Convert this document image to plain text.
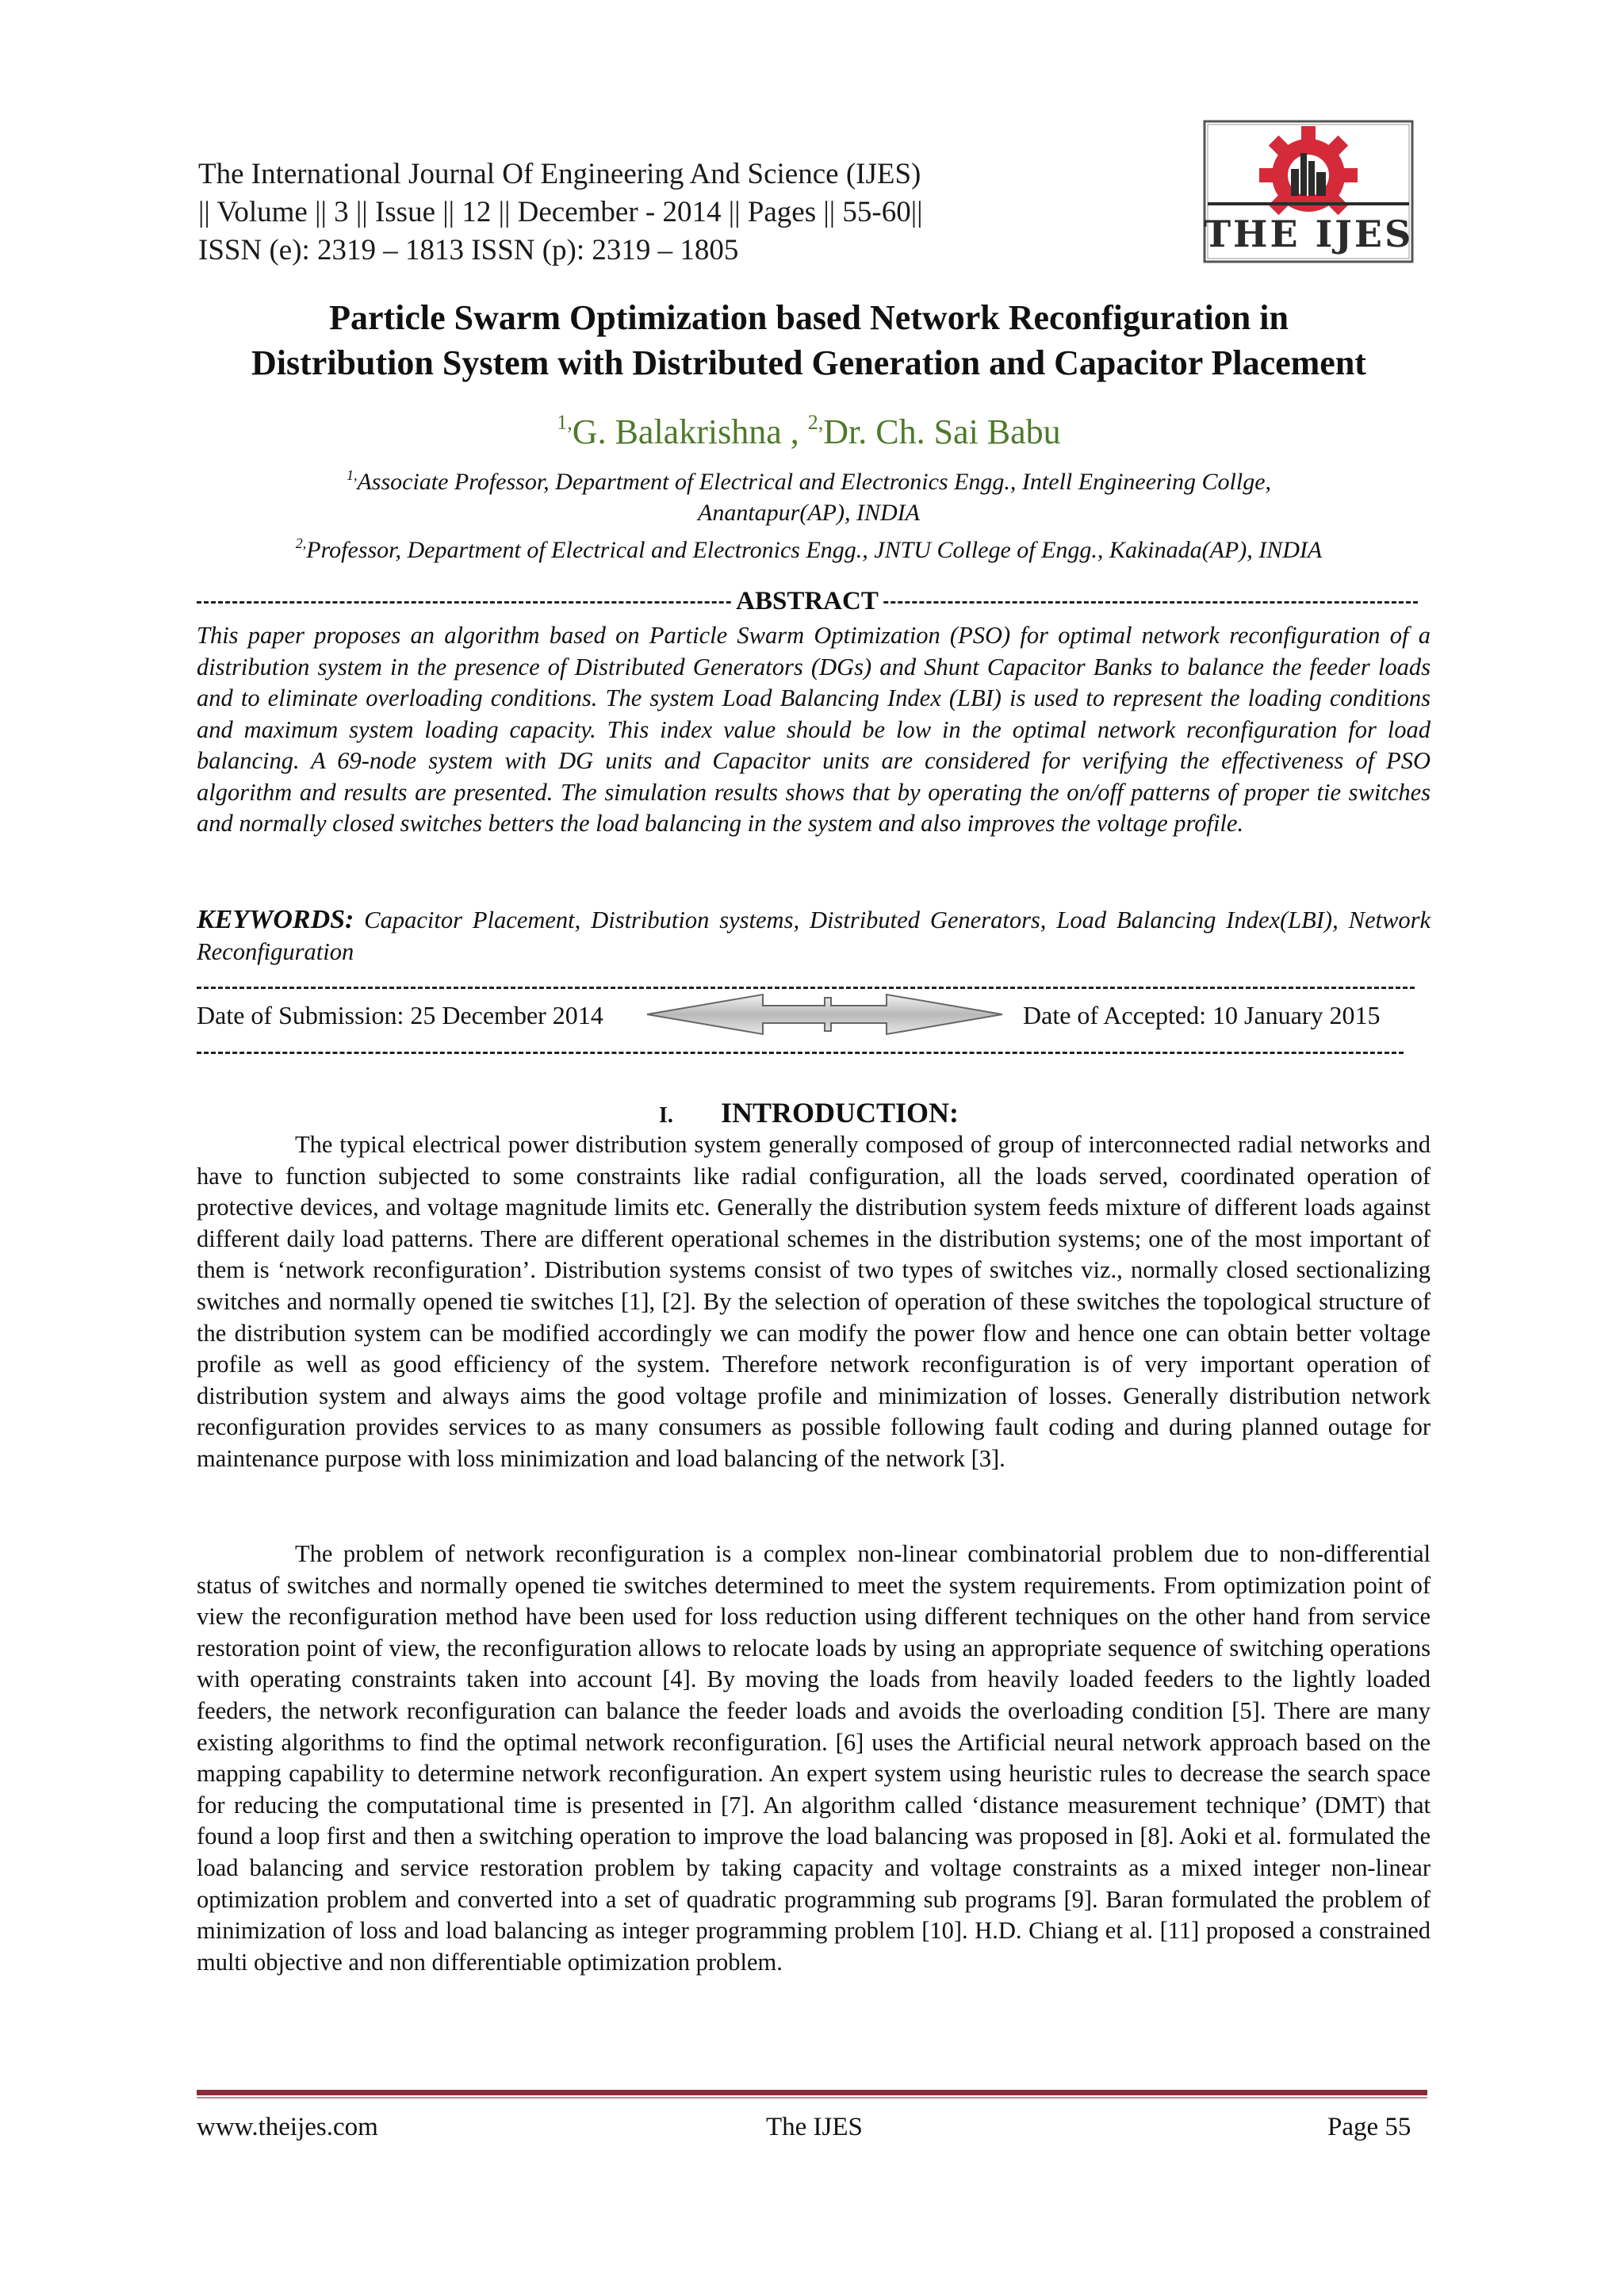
The International Journal Of Engineering And Science (IJES)
|| Volume || 3 || Issue || 12 || December - 2014 || Pages || 55-60||
ISSN (e): 2319 – 1813 ISSN (p): 2319 – 1805	THE IJES
Particle Swarm Optimization based Network Reconfiguration in
Distribution System with Distributed Generation and Capacitor Placement
$^{1,}$G. Balakrishna , $^{2,}$Dr. Ch. Sai Babu
$^{1,}$Associate Professor, Department of Electrical and Electronics Engg., Intell Engineering Collge,
Anantapur(AP), INDIA
$^{2,}$Professor, Department of Electrical and Electronics Engg., JNTU College of Engg., Kakinada(AP), INDIA
ABSTRACT
This paper proposes an algorithm based on Particle Swarm Optimization (PSO) for optimal network reconfiguration of a distribution system in the presence of Distributed Generators (DGs) and Shunt Capacitor Banks to balance the feeder loads and to eliminate overloading conditions. The system Load Balancing Index (LBI) is used to represent the loading conditions and maximum system loading capacity. This index value should be low in the optimal network reconfiguration for load balancing. A 69-node system with DG units and Capacitor units are considered for verifying the effectiveness of PSO algorithm and results are presented. The simulation results shows that by operating the on/off patterns of proper tie switches and normally closed switches betters the load balancing in the system and also improves the voltage profile.
KEYWORDS: Capacitor Placement, Distribution systems, Distributed Generators, Load Balancing Index(LBI), Network Reconfiguration
Date of Submission: 25 December 2014	Date of Accepted: 10 January 2015
I. INTRODUCTION:

The typical electrical power distribution system generally composed of group of interconnected radial networks and have to function subjected to some constraints like radial configuration, all the loads served, coordinated operation of protective devices, and voltage magnitude limits etc. Generally the distribution system feeds mixture of different loads against different daily load patterns. There are different operational schemes in the distribution systems; one of the most important of them is ‘network reconfiguration’. Distribution systems consist of two types of switches viz., normally closed sectionalizing switches and normally opened tie switches [1], [2]. By the selection of operation of these switches the topological structure of the distribution system can be modified accordingly we can modify the power flow and hence one can obtain better voltage profile as well as good efficiency of the system. Therefore network reconfiguration is of very important operation of distribution system and always aims the good voltage profile and minimization of losses. Generally distribution network reconfiguration provides services to as many consumers as possible following fault coding and during planned outage for maintenance purpose with loss minimization and load balancing of the network [3].

The problem of network reconfiguration is a complex non-linear combinatorial problem due to non-differential status of switches and normally opened tie switches determined to meet the system requirements. From optimization point of view the reconfiguration method have been used for loss reduction using different techniques on the other hand from service restoration point of view, the reconfiguration allows to relocate loads by using an appropriate sequence of switching operations with operating constraints taken into account [4]. By moving the loads from heavily loaded feeders to the lightly loaded feeders, the network reconfiguration can balance the feeder loads and avoids the overloading condition [5]. There are many existing algorithms to find the optimal network reconfiguration. [6] uses the Artificial neural network approach based on the mapping capability to determine network reconfiguration. An expert system using heuristic rules to decrease the search space for reducing the computational time is presented in [7]. An algorithm called ‘distance measurement technique’ (DMT) that found a loop first and then a switching operation to improve the load balancing was proposed in [8]. Aoki et al. formulated the load balancing and service restoration problem by taking capacity and voltage constraints as a mixed integer non-linear optimization problem and converted into a set of quadratic programming sub programs [9]. Baran formulated the problem of minimization of loss and load balancing as integer programming problem [10]. H.D. Chiang et al. [11] proposed a constrained multi objective and non differentiable optimization problem.

www.theijes.com	The IJES	Page 55
